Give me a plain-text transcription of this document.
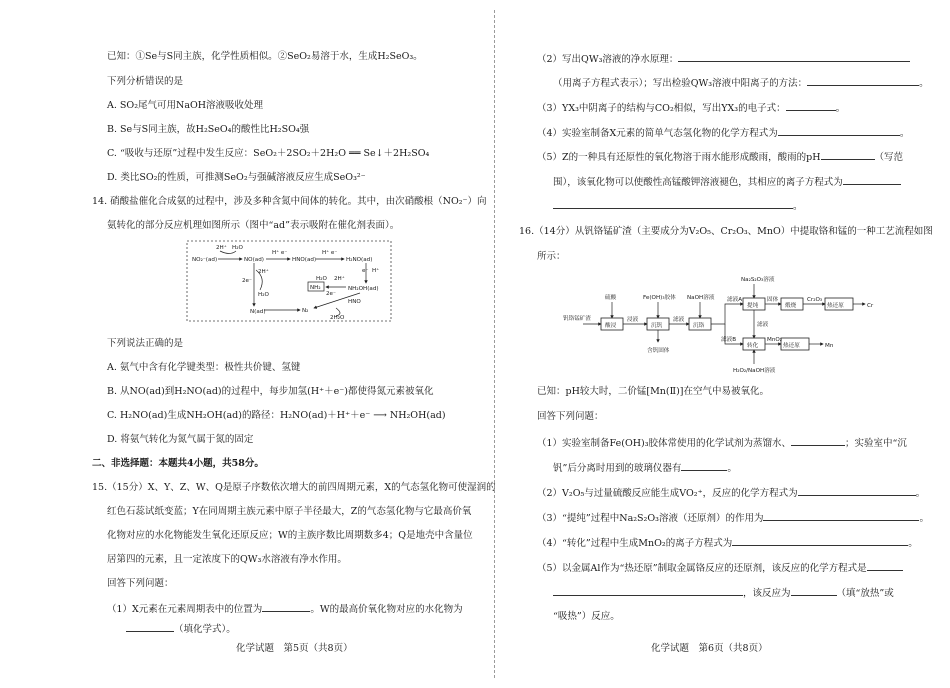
已知：①Se与S同主族，化学性质相似。②SeO₂易溶于水，生成H₂SeO₃。
下列分析错误的是
A. SO₂尾气可用NaOH溶液吸收处理
B. Se与S同主族，故H₂SeO₄的酸性比H₂SO₄强
C. “吸收与还原”过程中发生反应：SeO₂＋2SO₂＋2H₂O ══ Se↓＋2H₂SO₄
D. 类比SO₂的性质，可推测SeO₂与强碱溶液反应生成SeO₃²⁻
14. 硝酸盐催化合成氨的过程中，涉及多种含氮中间体的转化。其中，由次硝酸根（NO₂⁻）向
氨转化的部分反应机理如图所示（图中“ad”表示吸附在催化剂表面）。
NO₂⁻(ad)	NO(ad)	HNO(ad)	H₂NO(ad)
NH₂OH(ad)
NH₂
N(ad)	N₂
HNO
2H⁺ H₂O
H⁺ e⁻	H⁺ e⁻
2H⁺
2e⁻
H₂O
e⁻ H⁺
H₂O 2H⁺
2e⁻
2H₂O
下列说法正确的是
A. 氨气中含有化学键类型：极性共价键、氢键
B. 从NO(ad)到H₂NO(ad)的过程中，每步加氢(H⁺＋e⁻)都使得氮元素被氧化
C. H₂NO(ad)生成NH₂OH(ad)的路径：H₂NO(ad)＋H⁺＋e⁻ ⟶ NH₂OH(ad)
D. 将氨气转化为氮气属于氮的固定
二、非选择题：本题共4小题，共58分。
15.（15分）X、Y、Z、W、Q是原子序数依次增大的前四周期元素，X的气态氢化物可使湿润的
红色石蕊试纸变蓝；Y在同周期主族元素中原子半径最大，Z的气态氢化物与它最高价氧
化物对应的水化物能发生氧化还原反应；W的主族序数比周期数多4；Q是地壳中含量位
居第四的元素，且一定浓度下的QW₃水溶液有净水作用。
回答下列问题：
（1）X元素在元素周期表中的位置为	。W的最高价氧化物对应的水化物为
（填化学式）。
化学试题　第5页（共8页）
（2）写出QW₃溶液的净水原理：
（用离子方程式表示）；写出检验QW₃溶液中阳离子的方法：	。
（3）YX₃中阴离子的结构与CO₂相似，写出YX₃的电子式：	。
（4）实验室制备X元素的简单气态氢化物的化学方程式为	。
（5）Z的一种具有还原性的氧化物溶于雨水能形成酸雨，酸雨的pH	（写范
围），该氧化物可以使酸性高锰酸钾溶液褪色，其相应的离子方程式为
。
16.（14分）从钒铬锰矿渣（主要成分为V₂O₅、Cr₂O₃、MnO）中提取铬和锰的一种工艺流程如图
所示：
钒铬锰矿渣
硫酸
酸浸
浸液
Fe(OH)₃胶体
沉钒
滤液
NaOH溶液
沉铬
含钒固体
滤液A
Na₂S₂O₃溶液
提纯
固体
煅烧
Cr₂O₃
热还原	Cr
滤液
滤液B
转化
MnO₂
热还原	Mn
H₂O₂/NaOH溶液
已知：pH较大时，二价锰[Mn(Ⅱ)]在空气中易被氧化。
回答下列问题：
（1）实验室制备Fe(OH)₃胶体常使用的化学试剂为蒸馏水、	；实验室中“沉
钒”后分离时用到的玻璃仪器有	。
（2）V₂O₅与过量硫酸反应能生成VO₂⁺，反应的化学方程式为	。
（3）“提纯”过程中Na₂S₂O₃溶液（还原剂）的作用为	。
（4）“转化”过程中生成MnO₂的离子方程式为	。
（5）以金属Al作为“热还原”制取金属铬反应的还原剂，该反应的化学方程式是
，该反应为	（填“放热”或
“吸热”）反应。
化学试题　第6页（共8页）
